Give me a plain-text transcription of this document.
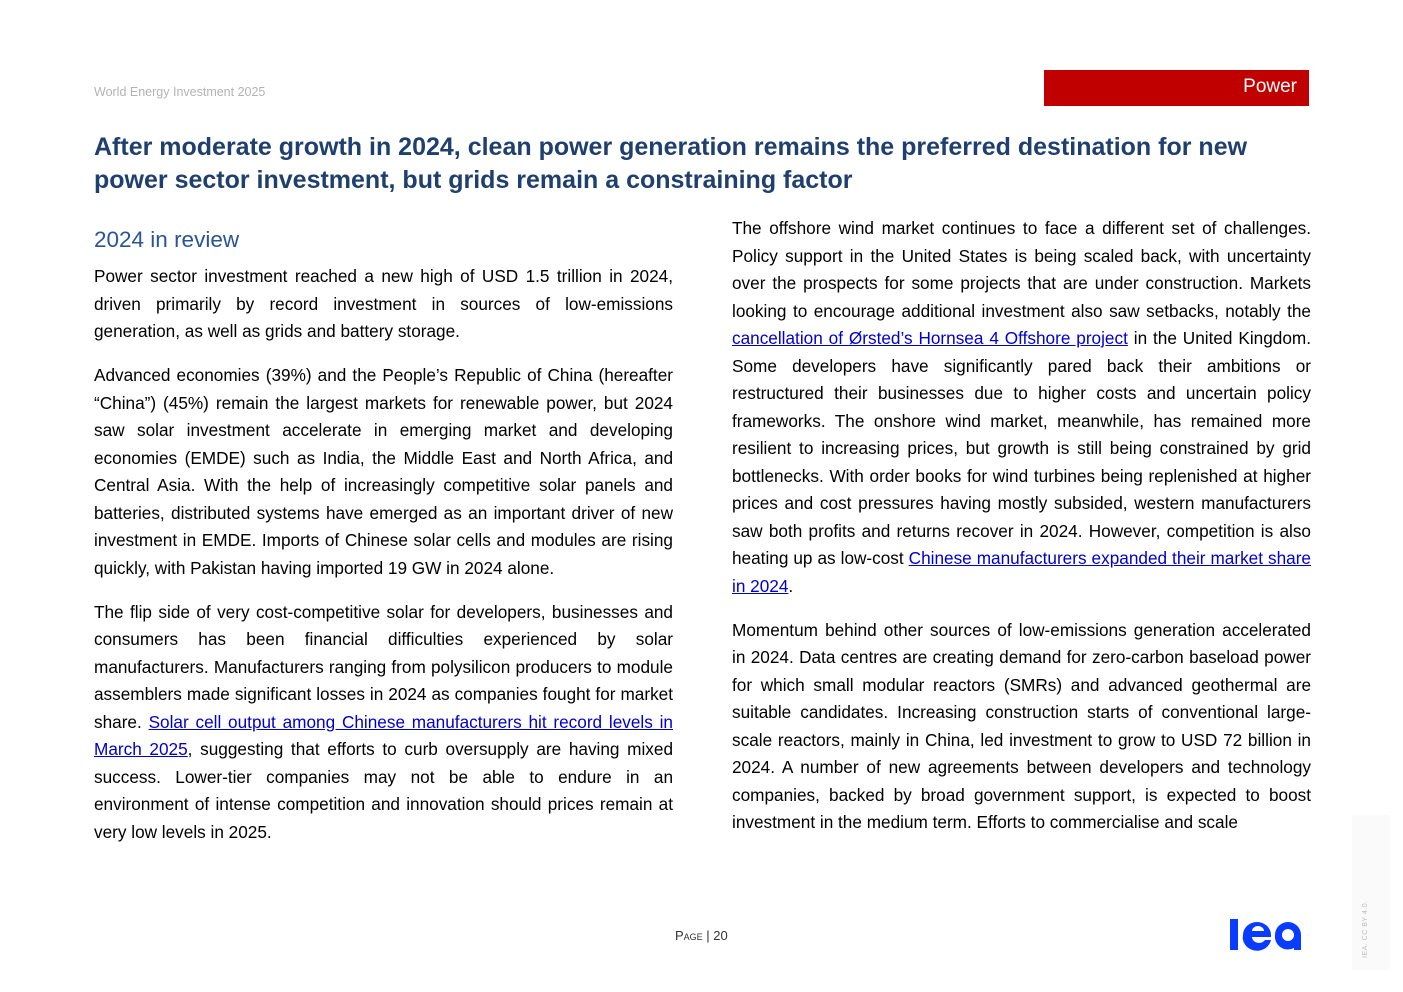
World Energy Investment 2025	Power
After moderate growth in 2024, clean power generation remains the preferred destination for new power sector investment, but grids remain a constraining factor
2024 in review

Power sector investment reached a new high of USD 1.5 trillion in 2024, driven primarily by record investment in sources of low-emissions generation, as well as grids and battery storage.

Advanced economies (39%) and the People’s Republic of China (hereafter “China”) (45%) remain the largest markets for renewable power, but 2024 saw solar investment accelerate in emerging market and developing economies (EMDE) such as India, the Middle East and North Africa, and Central Asia. With the help of increasingly competitive solar panels and batteries, distributed systems have emerged as an important driver of new investment in EMDE. Imports of Chinese solar cells and modules are rising quickly, with Pakistan having imported 19 GW in 2024 alone.

The flip side of very cost-competitive solar for developers, businesses and consumers has been financial difficulties experienced by solar manufacturers. Manufacturers ranging from polysilicon producers to module assemblers made significant losses in 2024 as companies fought for market share. Solar cell output among Chinese manufacturers hit record levels in March 2025, suggesting that efforts to curb oversupply are having mixed success. Lower-tier companies may not be able to endure in an environment of intense competition and innovation should prices remain at very low levels in 2025.

The offshore wind market continues to face a different set of challenges. Policy support in the United States is being scaled back, with uncertainty over the prospects for some projects that are under construction. Markets looking to encourage additional investment also saw setbacks, notably the cancellation of Ørsted’s Hornsea 4 Offshore project in the United Kingdom. Some developers have significantly pared back their ambitions or restructured their businesses due to higher costs and uncertain policy frameworks. The onshore wind market, meanwhile, has remained more resilient to increasing prices, but growth is still being constrained by grid bottlenecks. With order books for wind turbines being replenished at higher prices and cost pressures having mostly subsided, western manufacturers saw both profits and returns recover in 2024. However, competition is also heating up as low-cost Chinese manufacturers expanded their market share in 2024.

Momentum behind other sources of low-emissions generation accelerated in 2024. Data centres are creating demand for zero-carbon baseload power for which small modular reactors (SMRs) and advanced geothermal are suitable candidates. Increasing construction starts of conventional large-scale reactors, mainly in China, led investment to grow to USD 72 billion in 2024. A number of new agreements between developers and technology companies, backed by broad government support, is expected to boost investment in the medium term. Efforts to commercialise and scale

Page | 20	IEA. CC BY 4.0.
